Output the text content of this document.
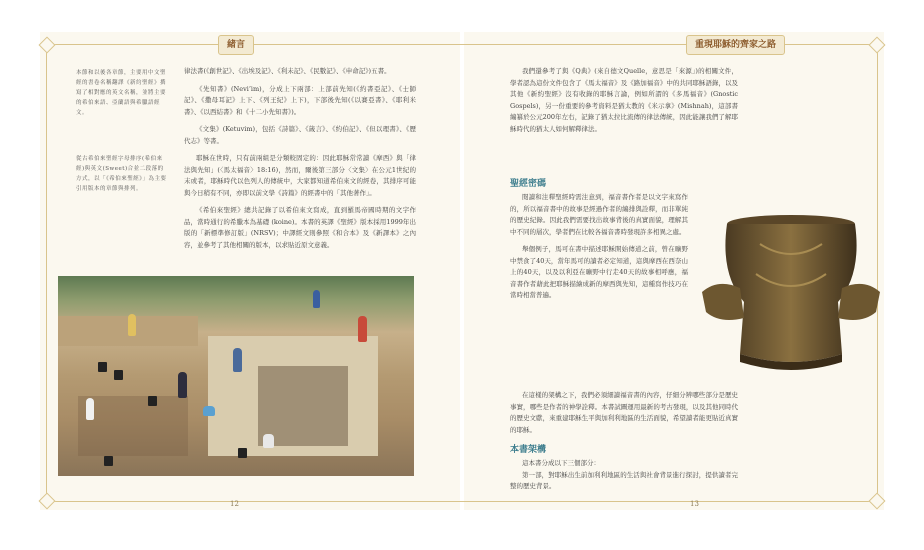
緒言
本節和以後各章節，主要用中文聖經的書卷名稱翻譯《新約聖經》撰寫了相對應的英文名稱，並將主要的希伯來語、亞蘭語與希臘語經文。
從古希伯來聖經字母排序(希伯來經)與英文(Sweet)合並二段落的方式，以「《希伯來聖經》」為主要引用版本的章節與排列。

律法書(《創世記》、《出埃及記》、《利未記》、《民數記》、《申命記》)五書。

《先知書》(Nevi’im)，分成上下兩部：上部前先知(《約書亞記》、《士師記》、《撒母耳記》上下、《列王紀》上下)，下部後先知(《以賽亞書》、《耶利米書》、《以西結書》和《十二小先知書》)。

《文集》(Ketuvim)，包括《詩篇》、《箴言》、《約伯記》、《但以理書》、《歷代志》等書。

耶穌在世時，只有前兩組是分類較固定的：因此耶穌常常讀《摩西》與「律法與先知」(〈馬太福音〉18:16)，然而，爾後第三部分〈文集〉在公元1世紀的末或者，耶穌時代以色列人的傳統中，大家都知道希伯來文的經卷，其排序可能與今日稍有不同，亦即以前文學《詩篇》的經書中的「其他著作」。

《希伯來聖經》總共記錄了以希伯來文寫成，直到羅馬帝國時期的文字作品，當時通行的希臘本為基礎 (koine)。本書的英譯《聖經》版本採用1999年出版的「新標準修訂版」(NRSV)；中譯經文則參照《和合本》及《新譯本》之內容，並參考了其他相關的版本，以求貼近原文意義。

12
重現耶穌的齊家之路

我們還參考了與《Q典》(來自德文Quelle，意思是「來源」)的相關文件，學者認為這份文件包含了《馬太福音》及《路加福音》中的共同耶穌語錄，以及其他《新約聖經》沒有收錄的耶穌言論，例如所謂的《多馬福音》(Gnostic Gospels)，另一份重要的參考資料是猶太教的《米示拿》(Mishnah)，這部書編纂於公元200年左右，記錄了猶太拉比流傳的律法傳統，因此能讓我們了解耶穌時代的猶太人如何解釋律法。

聖經密碼

閱讀和注釋聖經時需注意到，福音書作者是以文字來寫作的，所以福音書中的故事是經過作者的編排與詮釋，而非單純的歷史紀錄。因此我們需要找出故事背後的真實面貌，理解其中不同的層次，學者們在比較各福音書時發現許多相異之處。

舉個例子，馬可在書中描述耶穌開始傳道之前，曾在曠野中禁食了40天，當年馬可的讀者必定知道，這與摩西在西奈山上的40天，以及以利亞在曠野中行走40天的故事相呼應，福音書作者藉此把耶穌描繪成新的摩西與先知，這種寫作技巧在當時相當普遍。

在這樣的架構之下，我們必須細讀福音書的內容，仔細分辨哪些部分是歷史事實，哪些是作者的神學詮釋。本書試圖運用最新的考古發現，以及其他同時代的歷史文獻，來重建耶穌生平與加利利地區的生活面貌，希望讀者能更貼近真實的耶穌。

本書架構

這本書分成以下三個部分：

第一部，對耶穌出生前加利利地區的生活與社會背景進行探討，提供讀者完整的歷史背景。

13
